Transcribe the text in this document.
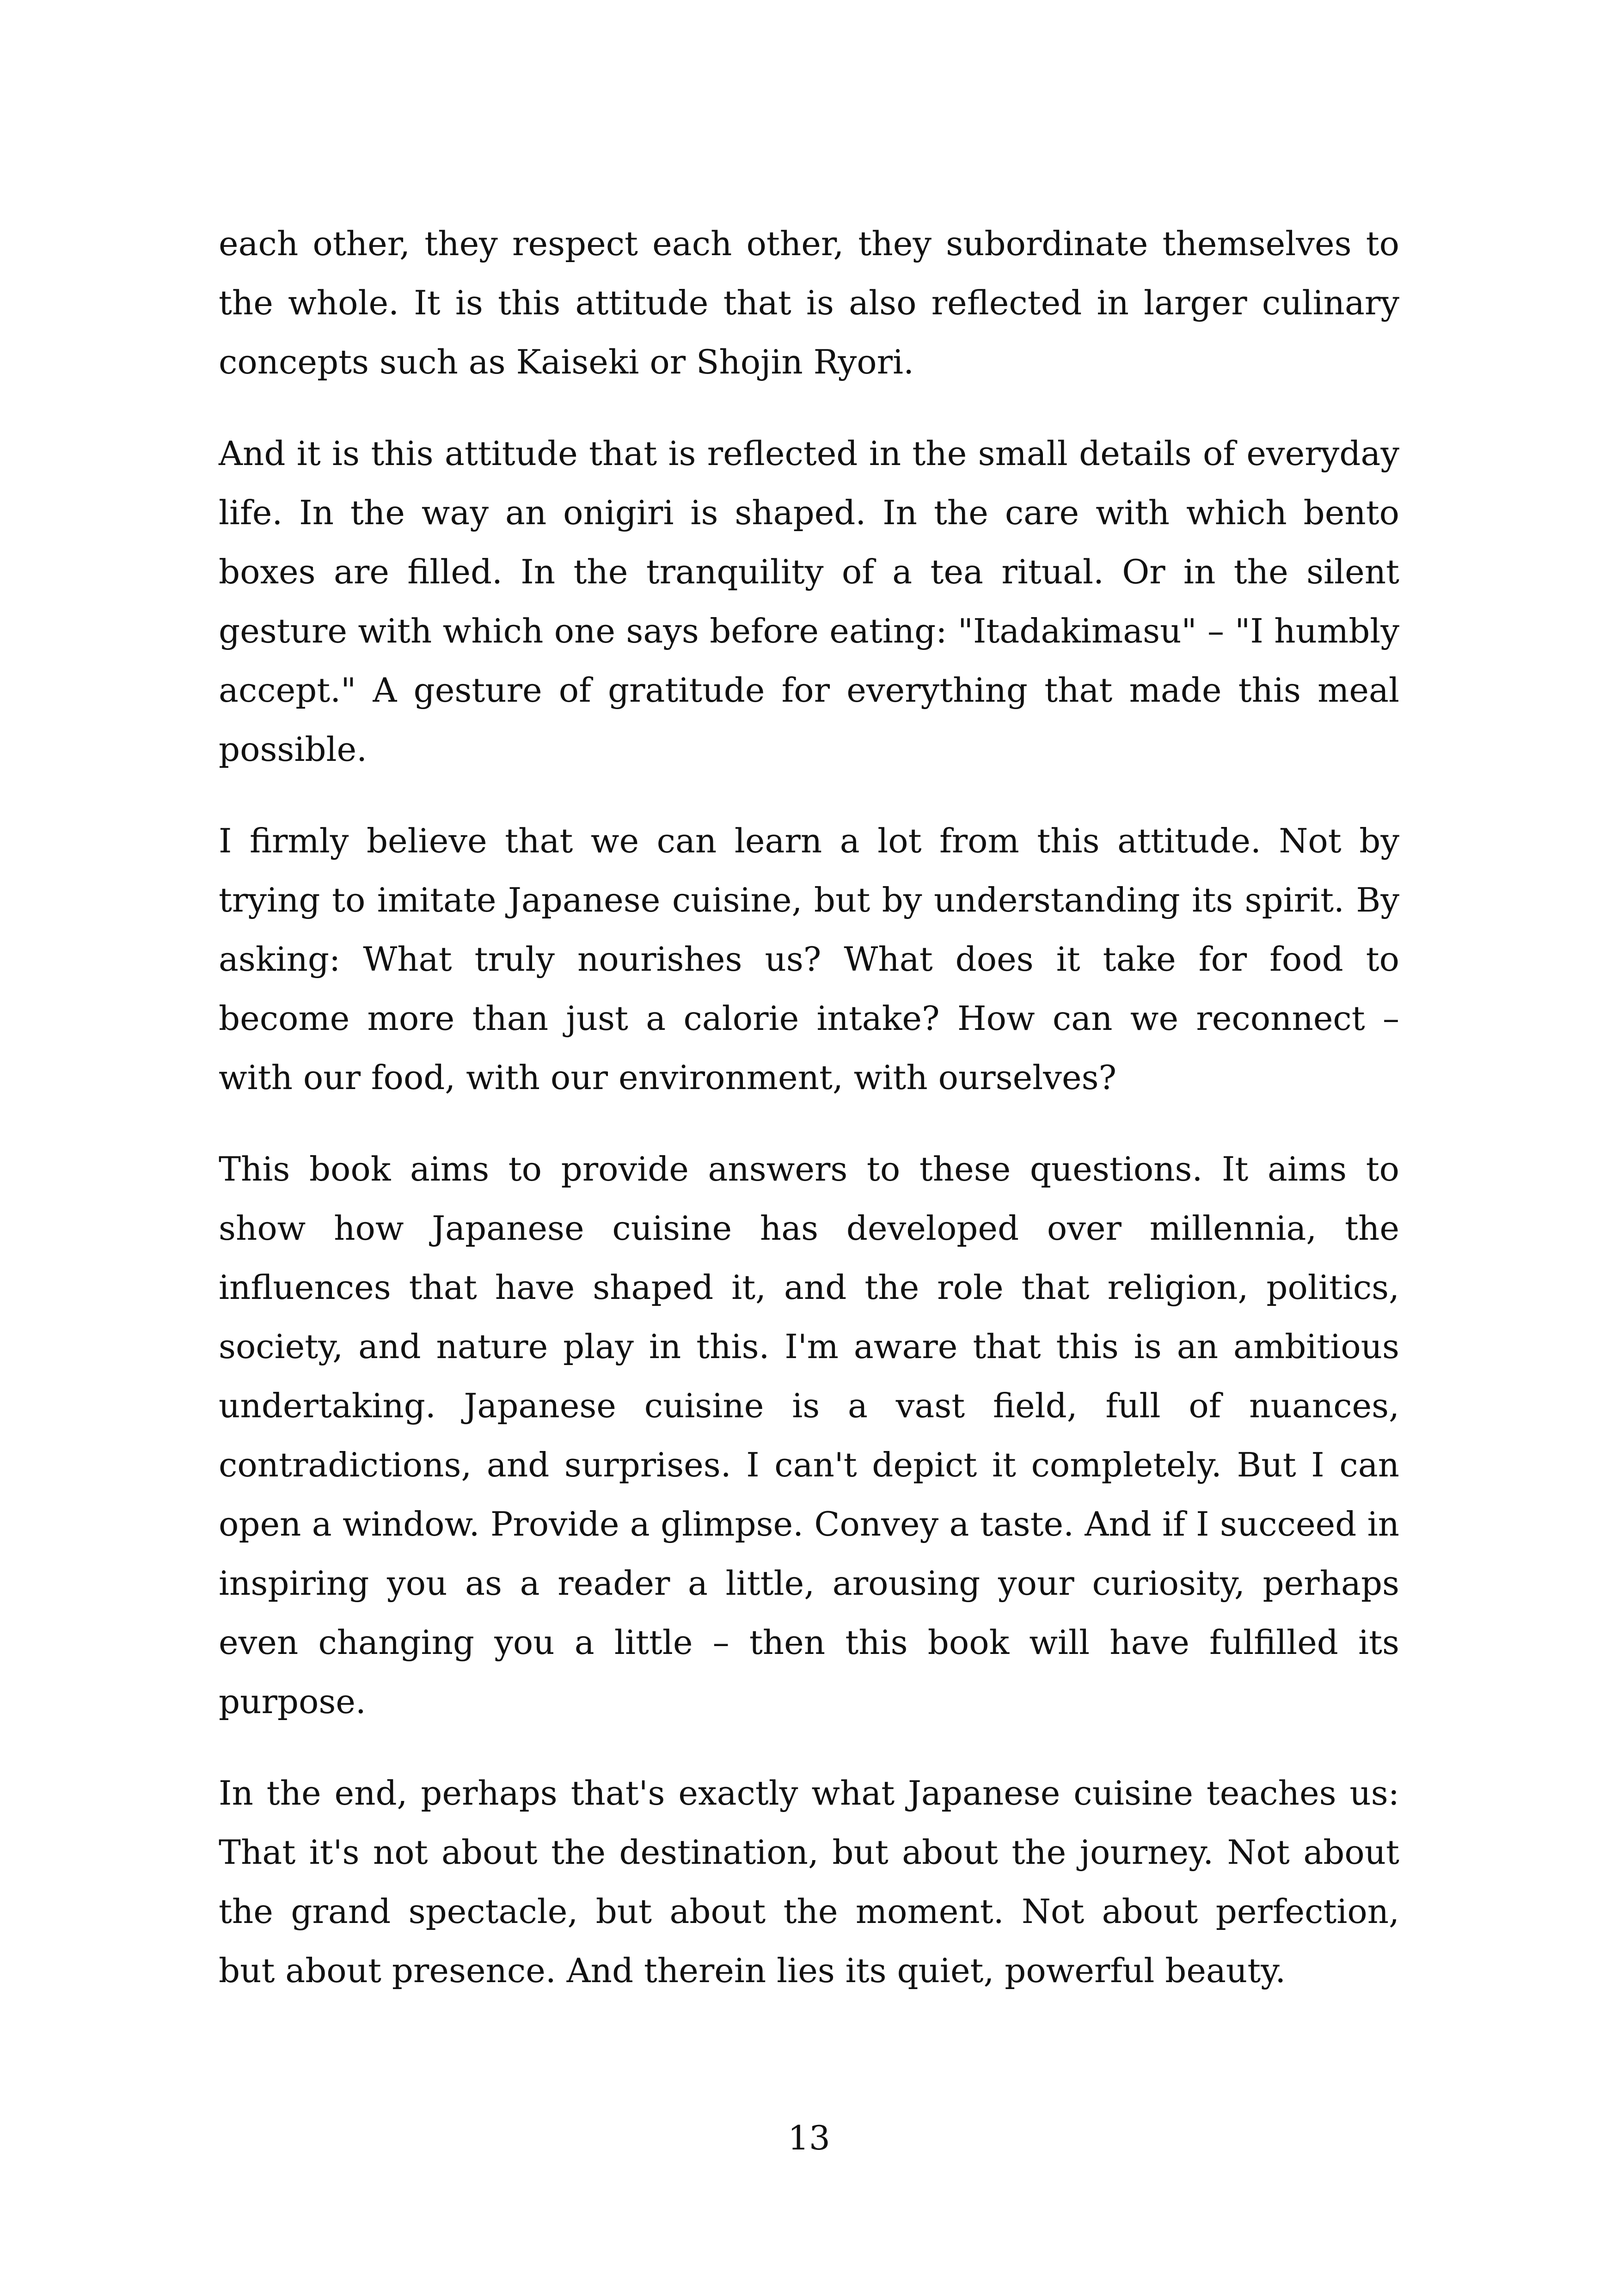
each other, they respect each other, they subordinate themselves to the whole. It is this attitude that is also reflected in larger culinary concepts such as Kaiseki or Shojin Ryori.

And it is this attitude that is reflected in the small details of everyday life. In the way an onigiri is shaped. In the care with which bento boxes are filled. In the tranquility of a tea ritual. Or in the silent gesture with which one says before eating: "Itadakimasu" – "I humbly accept." A gesture of gratitude for everything that made this meal possible.

I firmly believe that we can learn a lot from this attitude. Not by trying to imitate Japanese cuisine, but by understanding its spirit. By asking: What truly nourishes us? What does it take for food to become more than just a calorie intake? How can we reconnect – with our food, with our environment, with ourselves?

This book aims to provide answers to these questions. It aims to show how Japanese cuisine has developed over millennia, the influences that have shaped it, and the role that religion, politics, society, and nature play in this. I'm aware that this is an ambitious undertaking. Japanese cuisine is a vast field, full of nuances, contradictions, and surprises. I can't depict it completely. But I can open a window. Provide a glimpse. Convey a taste. And if I succeed in inspiring you as a reader a little, arousing your curiosity, perhaps even changing you a little – then this book will have fulfilled its purpose.

In the end, perhaps that's exactly what Japanese cuisine teaches us: That it's not about the destination, but about the journey. Not about the grand spectacle, but about the moment. Not about perfection, but about presence. And therein lies its quiet, powerful beauty.

13
